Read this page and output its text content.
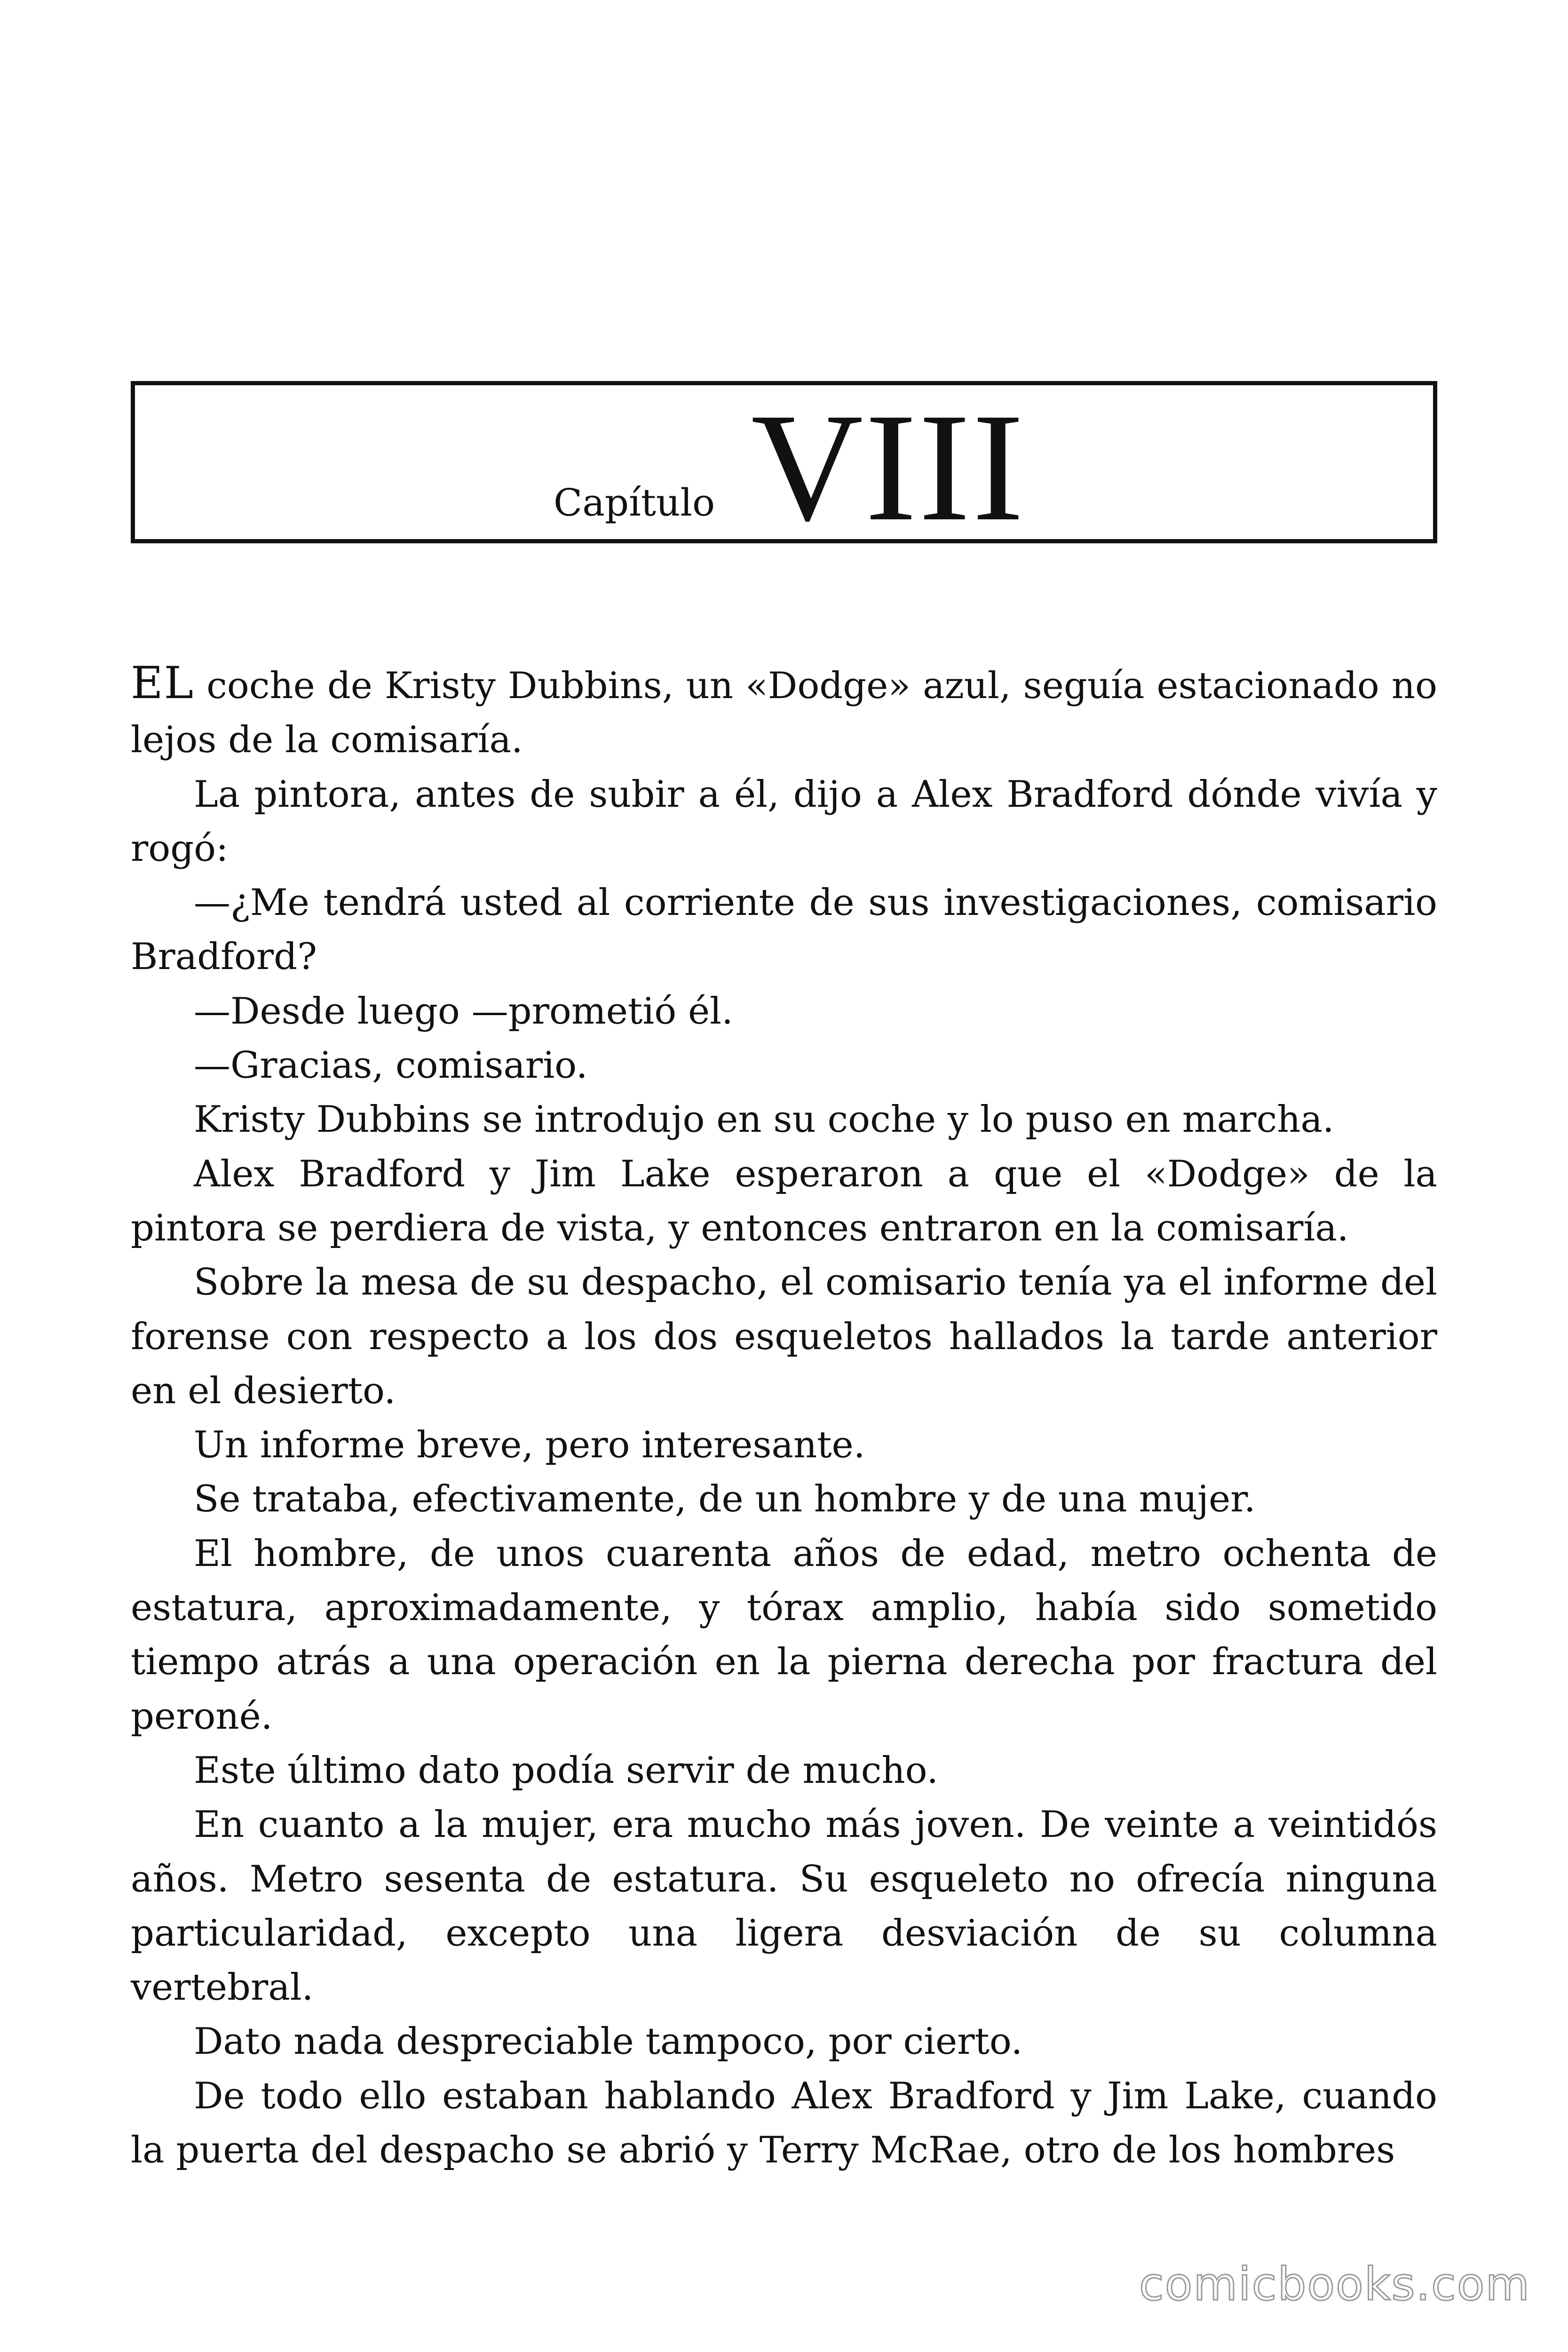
Capítulo VIII

EL coche de Kristy Dubbins, un «Dodge» azul, seguía estacionado no lejos de la comisaría.

La pintora, antes de subir a él, dijo a Alex Bradford dónde vivía y rogó:

—¿Me tendrá usted al corriente de sus investigaciones, comisario Bradford?

—Desde luego —prometió él.

—Gracias, comisario.

Kristy Dubbins se introdujo en su coche y lo puso en marcha.

Alex Bradford y Jim Lake esperaron a que el «Dodge» de la pintora se perdiera de vista, y entonces entraron en la comisaría.

Sobre la mesa de su despacho, el comisario tenía ya el informe del forense con respecto a los dos esqueletos hallados la tarde anterior en el desierto.

Un informe breve, pero interesante.

Se trataba, efectivamente, de un hombre y de una mujer.

El hombre, de unos cuarenta años de edad, metro ochenta de estatura, aproximadamente, y tórax amplio, había sido sometido tiempo atrás a una operación en la pierna derecha por fractura del peroné.

Este último dato podía servir de mucho.

En cuanto a la mujer, era mucho más joven. De veinte a veintidós años. Metro sesenta de estatura. Su esqueleto no ofrecía ninguna particularidad, excepto una ligera desviación de su columna vertebral.

Dato nada despreciable tampoco, por cierto.

De todo ello estaban hablando Alex Bradford y Jim Lake, cuando la puerta del despacho se abrió y Terry McRae, otro de los hombres

comicbooks.com
